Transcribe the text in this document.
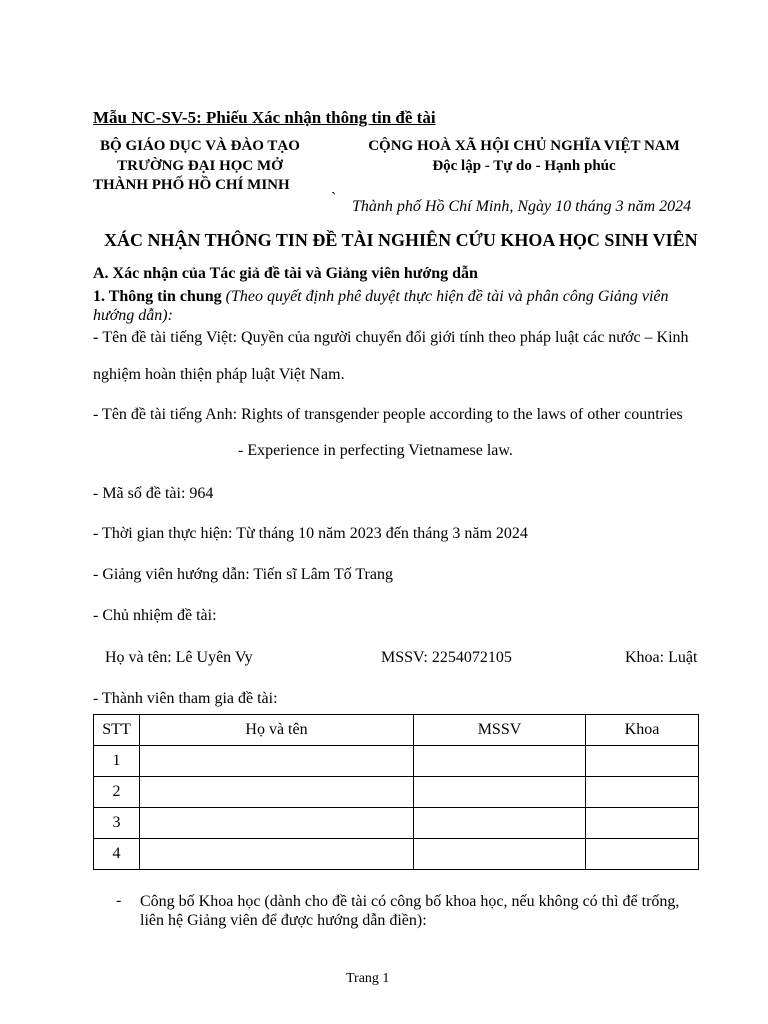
Mẫu NC-SV-5: Phiếu Xác nhận thông tin đề tài
BỘ GIÁO DỤC VÀ ĐÀO TẠO
TRƯỜNG ĐẠI HỌC MỞ
THÀNH PHỐ HỒ CHÍ MINH
CỘNG HOÀ XÃ HỘI CHỦ NGHĨA VIỆT NAM
Độc lập - Tự do - Hạnh phúc
` Thành phố Hồ Chí Minh, Ngày 10 tháng 3 năm 2024
XÁC NHẬN THÔNG TIN ĐỀ TÀI NGHIÊN CỨU KHOA HỌC SINH VIÊN
A. Xác nhận của Tác giả đề tài và Giảng viên hướng dẫn
1. Thông tin chung (Theo quyết định phê duyệt thực hiện đề tài và phân công Giảng viên hướng dẫn):
- Tên đề tài tiếng Việt: Quyền của người chuyển đổi giới tính theo pháp luật các nước – Kinh
nghiệm hoàn thiện pháp luật Việt Nam.
- Tên đề tài tiếng Anh: Rights of transgender people according to the laws of other countries
- Experience in perfecting Vietnamese law.
- Mã số đề tài: 964
- Thời gian thực hiện: Từ tháng 10 năm 2023 đến tháng 3 năm 2024
- Giảng viên hướng dẫn: Tiến sĩ Lâm Tố Trang
- Chủ nhiệm đề tài:
Họ và tên: Lê Uyên Vy	MSSV: 2254072105	Khoa: Luật
- Thành viên tham gia đề tài:
STT	Họ và tên	MSSV	Khoa
1			
2			
3			
4			
- Công bố Khoa học (dành cho đề tài có công bố khoa học, nếu không có thì để trống,
liên hệ Giảng viên để được hướng dẫn điền):
Trang 1
